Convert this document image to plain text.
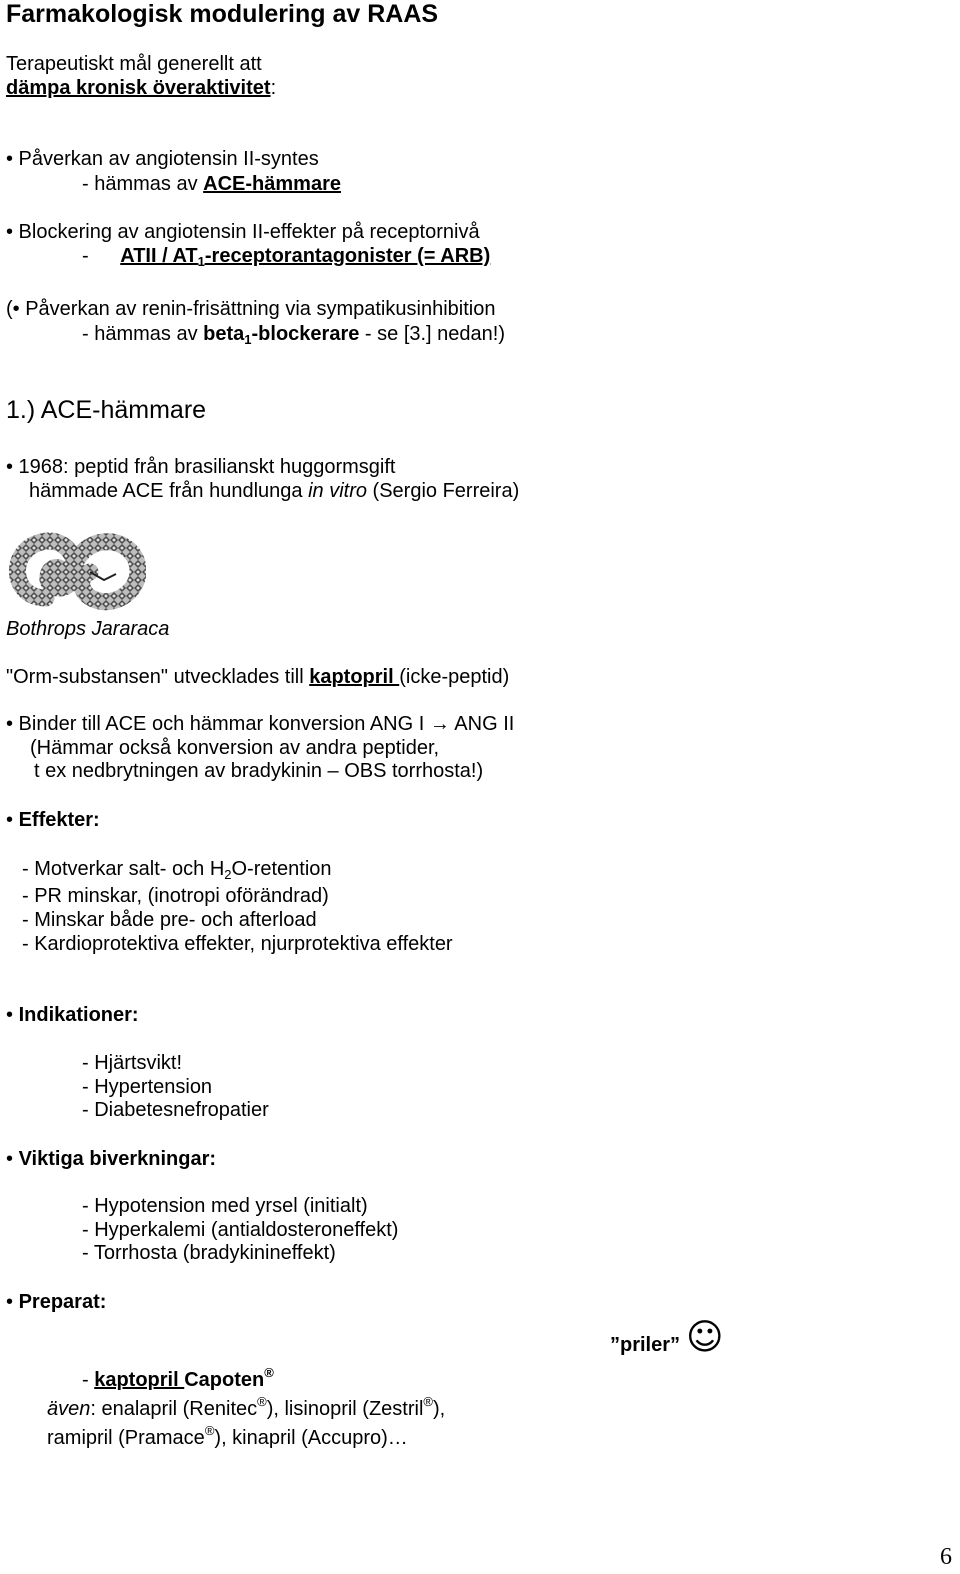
Farmakologisk modulering av RAAS
Terapeutiskt mål generellt att
dämpa kronisk överaktivitet:
• Påverkan av angiotensin II-syntes
- hämmas av ACE-hämmare
• Blockering av angiotensin II-effekter på receptornivå
- ATII / $AT_1$-receptorantagonister (= ARB)
(• Påverkan av renin-frisättning via sympatikusinhibition
- hämmas av beta$_1$-blockerare - se [3.] nedan!)
1.) ACE-hämmare
• 1968: peptid från brasilianskt huggormsgift
hämmade ACE från hundlunga in vitro (Sergio Ferreira)
Bothrops Jararaca
"Orm-substansen" utvecklades till kaptopril (icke-peptid)
• Binder till ACE och hämmar konversion ANG I → ANG II
(Hämmar också konversion av andra peptider,
t ex nedbrytningen av bradykinin – OBS torrhosta!)
• Effekter:
- Motverkar salt- och $H_2O$-retention
- PR minskar, (inotropi oförändrad)
- Minskar både pre- och afterload
- Kardioprotektiva effekter, njurprotektiva effekter
• Indikationer:
- Hjärtsvikt!
- Hypertension
- Diabetesnefropatier
• Viktiga biverkningar:
- Hypotension med yrsel (initialt)
- Hyperkalemi (antialdosteroneffekt)
- Torrhosta (bradykinineffekt)
• Preparat:
”priler” ☺
- kaptopril Capoten®
även: enalapril (Renitec®), lisinopril (Zestril®),
ramipril (Pramace®), kinapril (Accupro)…
6
